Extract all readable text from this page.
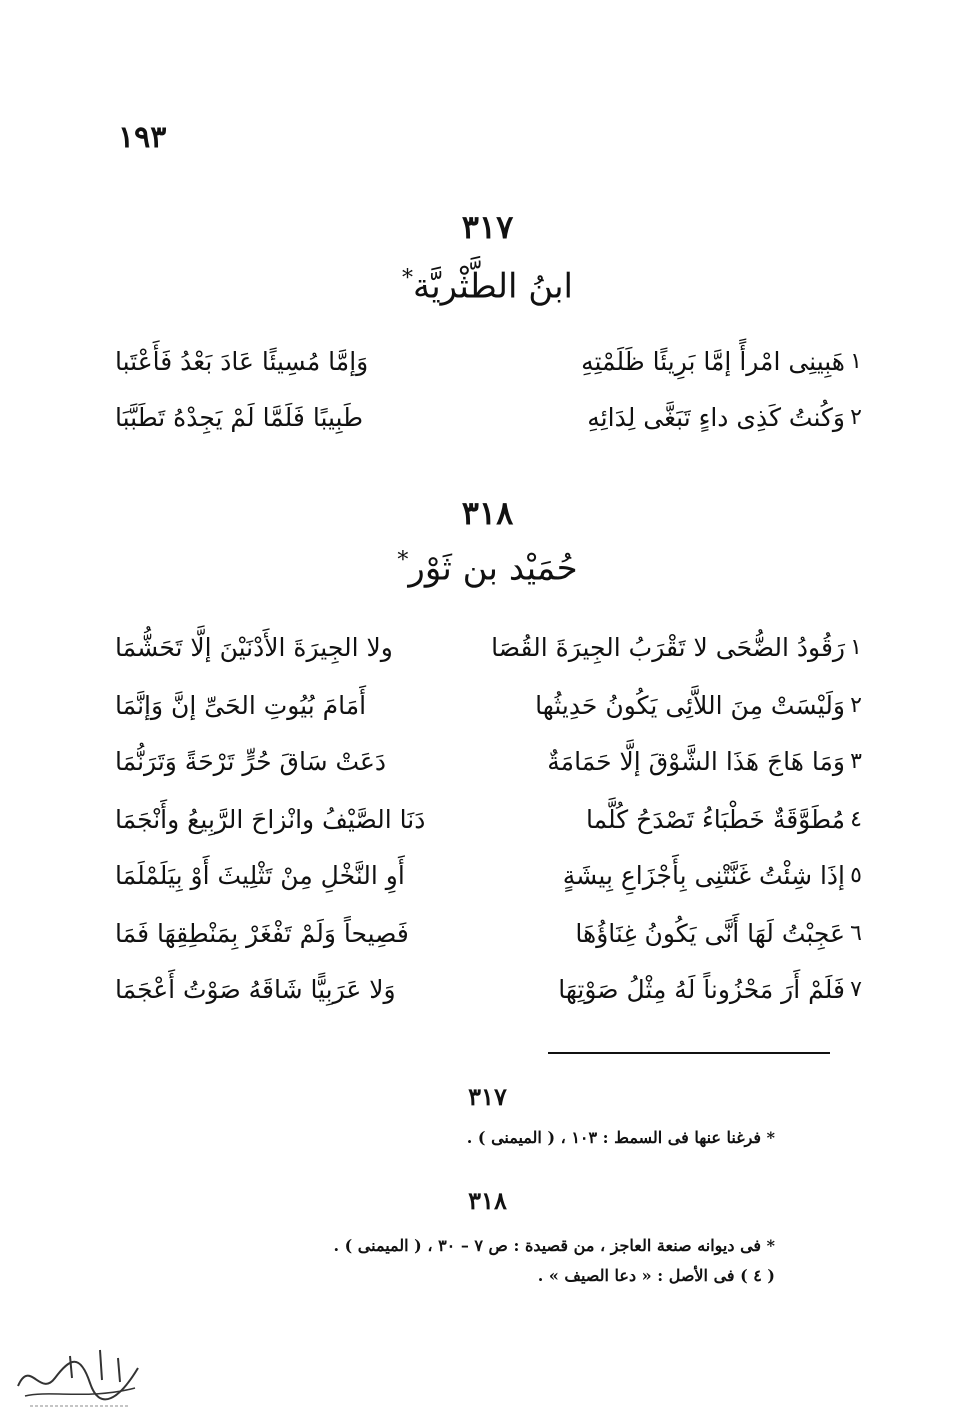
١٩٣
٣١٧
ابنُ الطَّثْريَّة*
١
هَبِينِى امْرأً إمَّا بَرِيئًا ظَلَمْتِهِ
وَإمَّا مُسِيئًا عَادَ بَعْدُ فَأَعْتَبا
٢
وَكُنتُ كَذِى داءٍ تَبَغَّى لِدَائِهِ
طَبِيبًا فَلَمَّا لَمْ يَجِدْهُ تَطَبَّبَا
٣١٨
حُمَيْد بن ثَوْر*
١
رَقُودُ الضُّحَى لا تَقْرَبُ الجِيرَةَ القُصَا
ولا الجِيرَةَ الأَدْنَيْنَ إلَّا تَحَشُّمَا
٢
وَلَيْسَتْ مِنَ اللاَّئِى يَكُونُ حَدِيثُها
أَمَامَ بُيُوتِ الحَىِّ إنَّ وَإنَّمَا
٣
وَمَا هَاجَ هَذَا الشَّوْقَ إلَّا حَمَامَةٌ
دَعَتْ سَاقَ حُرٍّ تَرْحَةً وَتَرَنُّمَا
٤
مُطَوَّقَةٌ خَطْبَاءُ تَصْدَحُ كُلَّما
دَنَا الصَّيْفُ وانْزاحَ الرَّبِيعُ وأَنْجَمَا
٥
إذَا شِئْتُ غَنَّتْنِى بِأَجْزَاعِ بِيشَةٍ
أَوِ النَّخْلِ مِنْ تَثْلِيثَ أَوْ بِيَلَمْلَمَا
٦
عَجِبْتُ لَهَا أَنَّى يَكُونُ غِنَاؤُهَا
فَصِيحاً وَلَمْ تَفْغَرْ بِمَنْطِقِهَا فَمَا
٧
فَلَمْ أَرَ مَحْزُوناً لَهُ مِثْلُ صَوْتِهَا
وَلا عَرَبِيًّا شَاقَهُ صَوْتُ أَعْجَمَا
٣١٧
* فرغنا عنها فى السمط : ١٠٣ ، ( الميمنى ) .
٣١٨
* فى ديوانه صنعة العاجز ، من قصيدة : ص ٧ – ٣٠ ، ( الميمنى ) .
( ٤ ) فى الأصل : « دعا الصيف » .
